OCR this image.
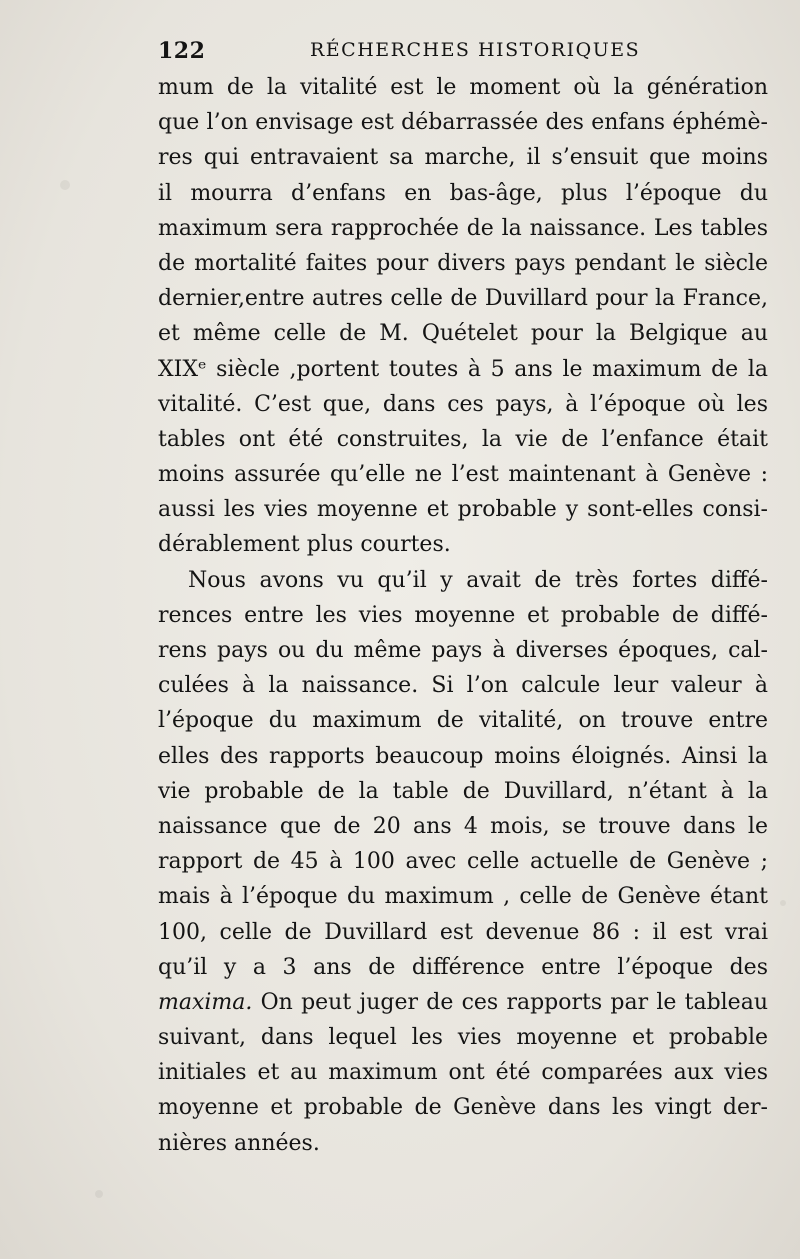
122	RÉCHERCHES HISTORIQUES
mum de la vitalité est le moment où la génération
que l’on envisage est débarrassée des enfans éphémè-
res qui entravaient sa marche, il s’ensuit que moins
il mourra d’enfans en bas-âge, plus l’époque du
maximum sera rapprochée de la naissance. Les tables
de mortalité faites pour divers pays pendant le siècle
dernier,entre autres celle de Duvillard pour la France,
et même celle de M. Quételet pour la Belgique au
XIXᵉ siècle ,portent toutes à 5 ans le maximum de la
vitalité. C’est que, dans ces pays, à l’époque où les
tables ont été construites, la vie de l’enfance était
moins assurée qu’elle ne l’est maintenant à Genève :
aussi les vies moyenne et probable y sont-elles consi-
dérablement plus courtes.
Nous avons vu qu’il y avait de très fortes diffé-
rences entre les vies moyenne et probable de diffé-
rens pays ou du même pays à diverses époques, cal-
culées à la naissance. Si l’on calcule leur valeur à
l’époque du maximum de vitalité, on trouve entre
elles des rapports beaucoup moins éloignés. Ainsi la
vie probable de la table de Duvillard, n’étant à la
naissance que de 20 ans 4 mois, se trouve dans le
rapport de 45 à 100 avec celle actuelle de Genève ;
mais à l’époque du maximum , celle de Genève étant
100, celle de Duvillard est devenue 86 : il est vrai
qu’il y a 3 ans de différence entre l’époque des
maxima. On peut juger de ces rapports par le tableau
suivant, dans lequel les vies moyenne et probable
initiales et au maximum ont été comparées aux vies
moyenne et probable de Genève dans les vingt der-
nières années.
